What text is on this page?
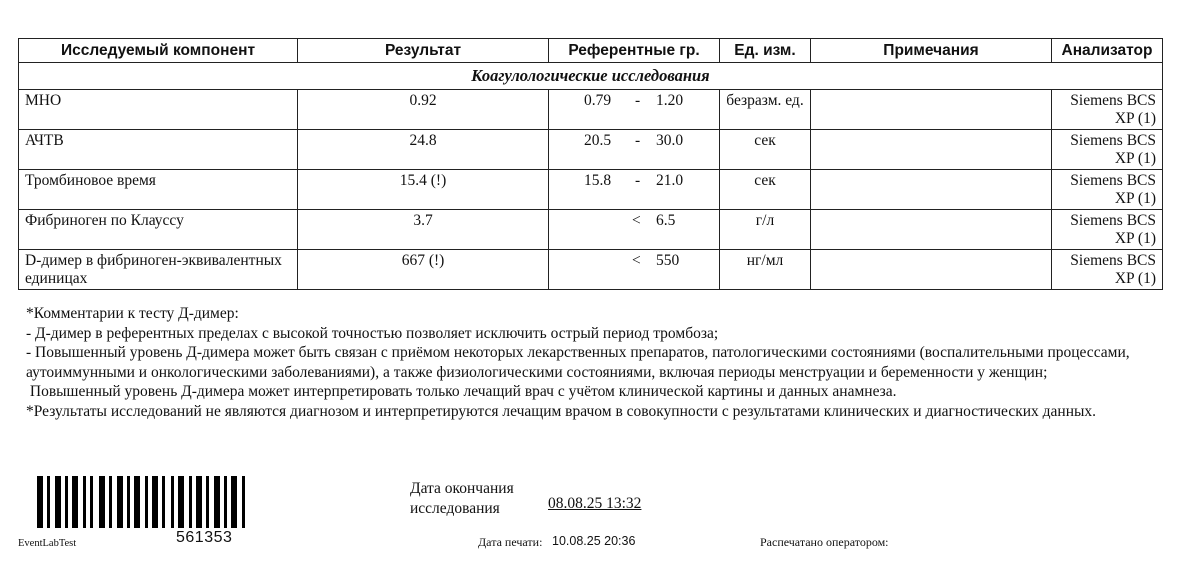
Исследуемый компонент	Результат	Референтные гр.	Ед. изм.	Примечания	Анализатор
Коагулологические исследования					
МНО	0.92	0.79 - 1.20	безразм. ед.		Siemens BCS XP (1)
АЧТВ	24.8	20.5 - 30.0	сек		Siemens BCS XP (1)
Тромбиновое время	15.4 (!)	15.8 - 21.0	сек		Siemens BCS XP (1)
Фибриноген по Клауссу	3.7	< 6.5	г/л		Siemens BCS XP (1)
D-димер в фибриноген-эквивалентных единицах	667 (!)	< 550	нг/мл		Siemens BCS XP (1)

*Комментарии к тесту Д-димер:

- Д-димер в референтных пределах с высокой точностью позволяет исключить острый период тромбоза;

- Повышенный уровень Д-димера может быть связан с приёмом некоторых лекарственных препаратов, патологическими состояниями (воспалительными процессами, аутоиммунными и онкологическими заболеваниями), а также физиологическими состояниями, включая периоды менструации и беременности у женщин;

Повышенный уровень Д-димера может интерпретировать только лечащий врач с учётом клинической картины и данных анамнеза.

*Результаты исследований не являются диагнозом и интерпретируются лечащим врачом в совокупности с результатами клинических и диагностических данных.

561353
EventLabTest
Дата окончания исследования	08.08.25 13:32
Дата печати: 10.08.25 20:36	Распечатано оператором:
